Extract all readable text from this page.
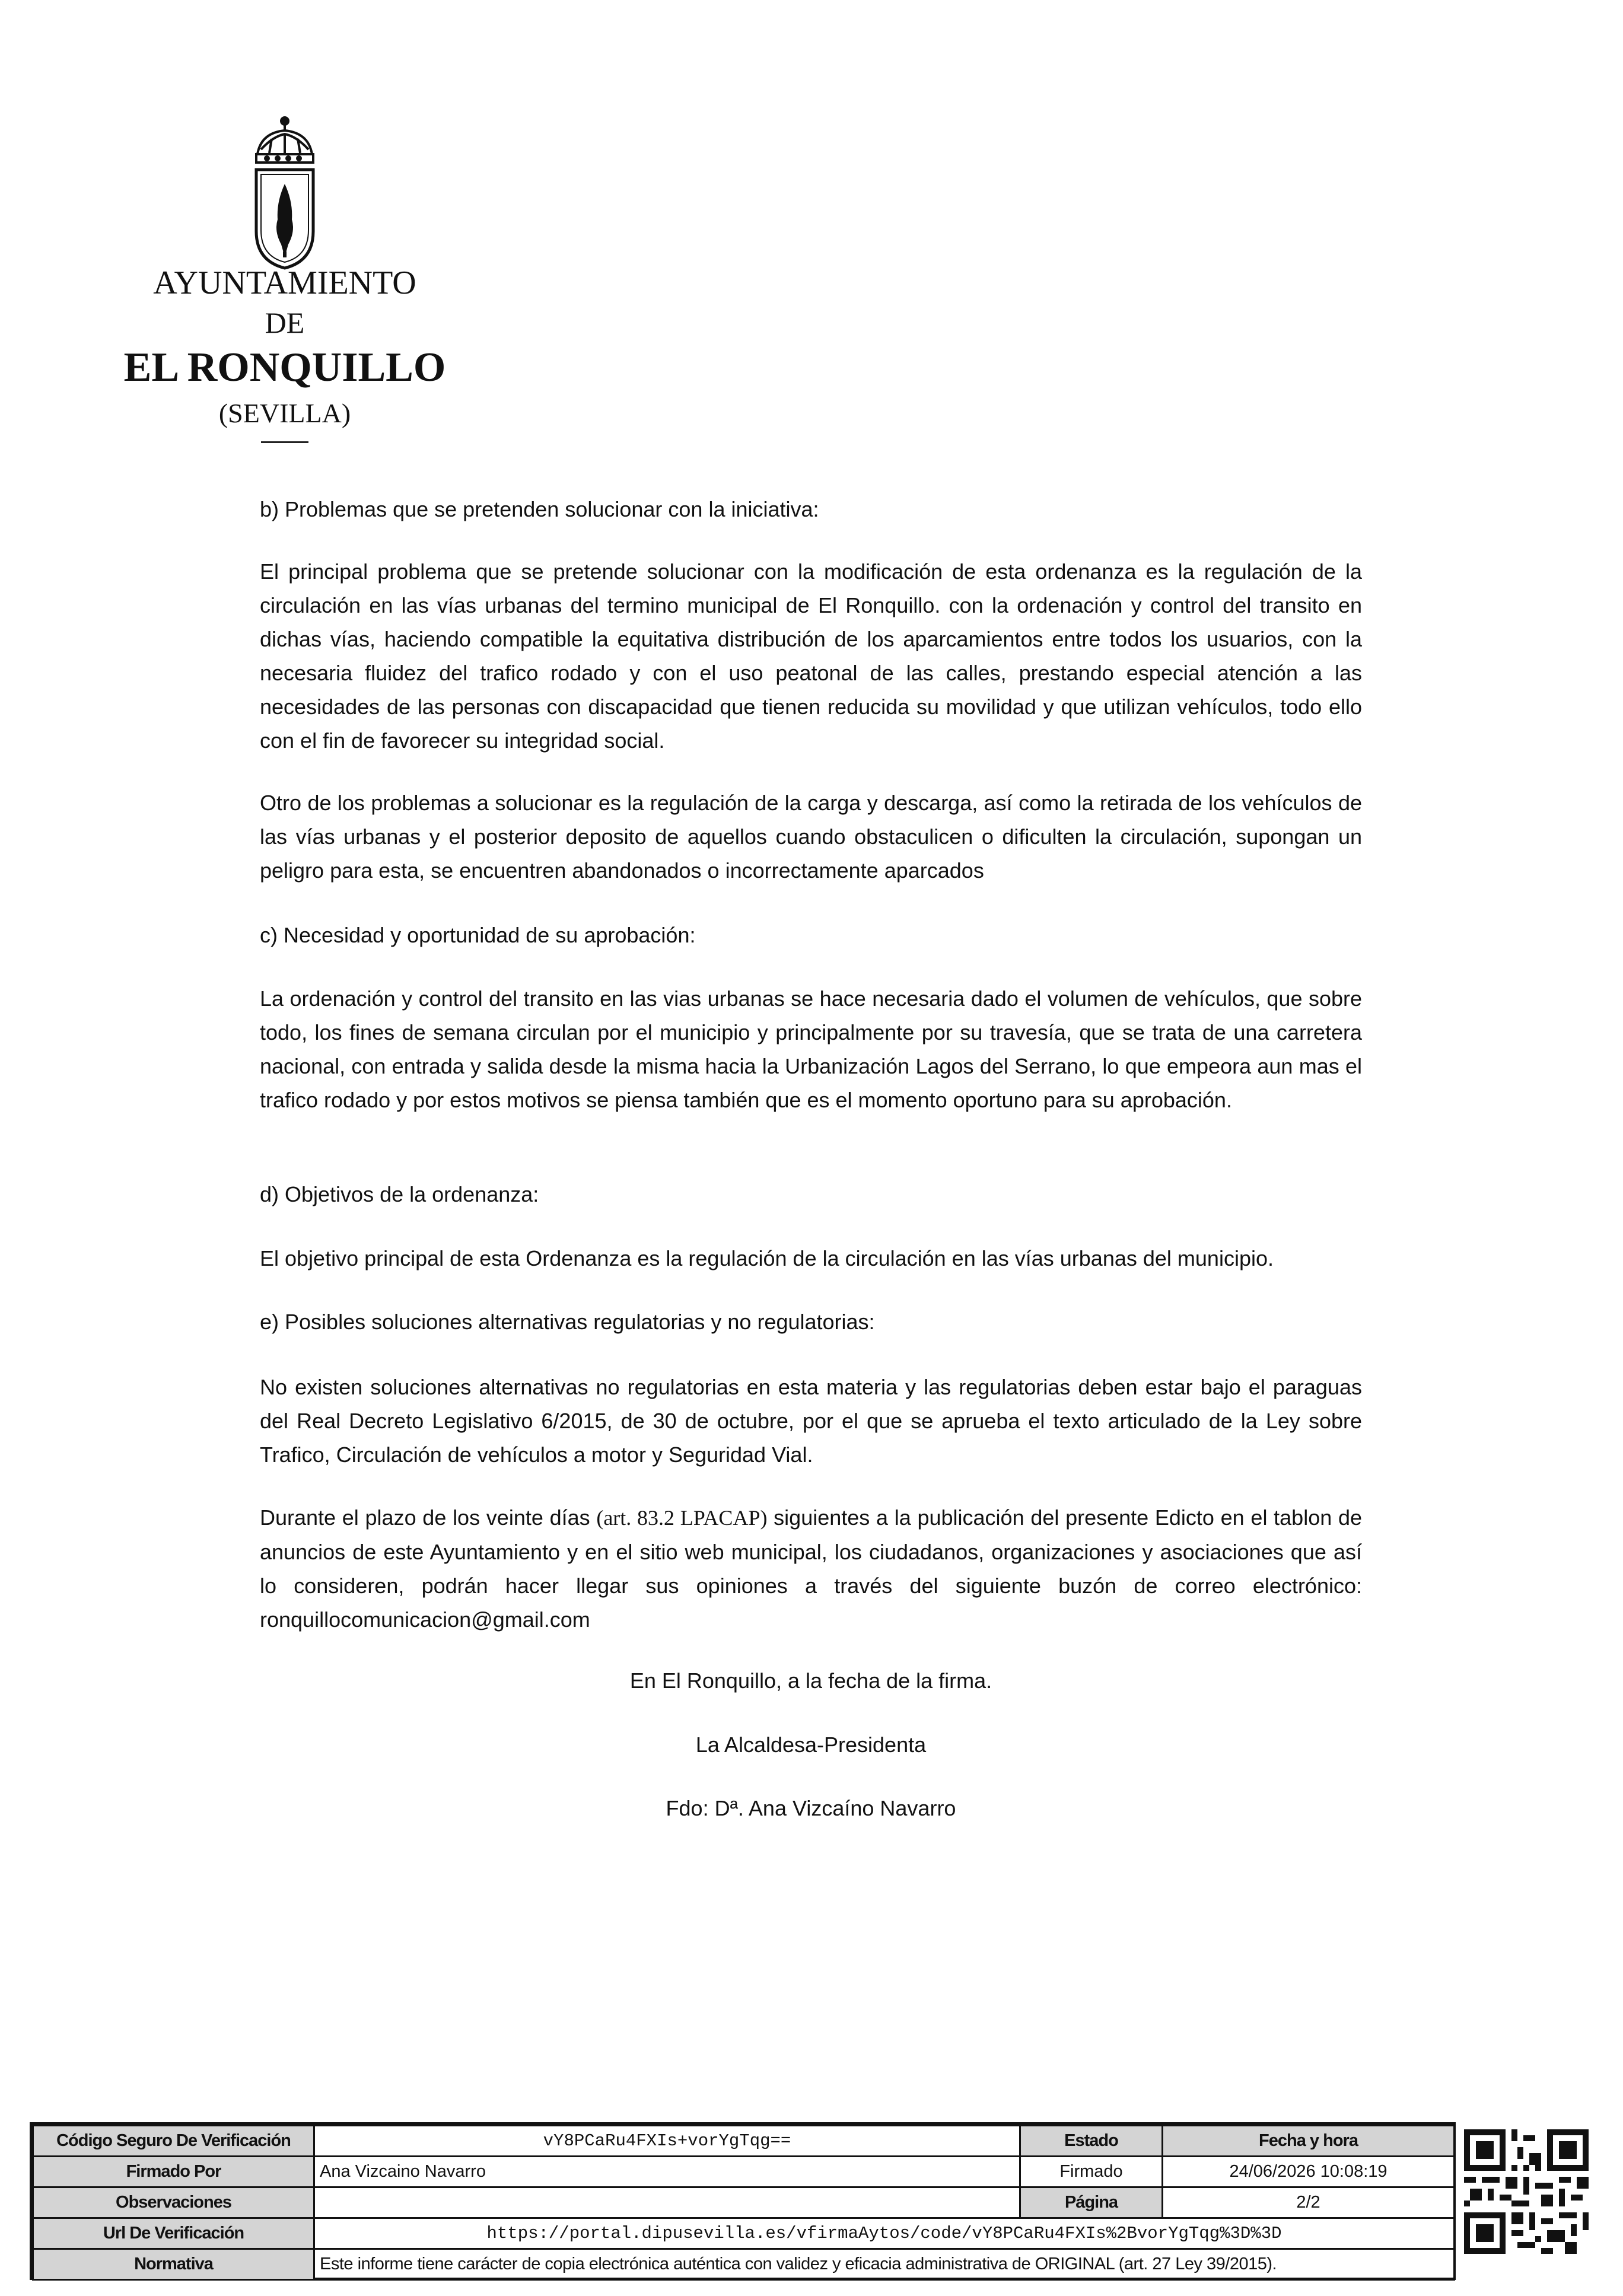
AYUNTAMIENTO
DE
EL RONQUILLO
(SEVILLA)
b) Problemas que se pretenden solucionar con la iniciativa:
El principal problema que se pretende solucionar con la modificación de esta ordenanza es la regulación de la circulación en las vías urbanas del termino municipal de El Ronquillo. con la ordenación y control del transito en dichas vías, haciendo compatible la equitativa distribución de los aparcamientos entre todos los usuarios, con la necesaria fluidez del trafico rodado y con el uso peatonal de las calles, prestando especial atención a las necesidades de las personas con discapacidad que tienen reducida su movilidad y que utilizan vehículos, todo ello con el fin de favorecer su integridad social.
Otro de los problemas a solucionar es la regulación de la carga y descarga, así como la retirada de los vehículos de las vías urbanas y el posterior deposito de aquellos cuando obstaculicen o dificulten la circulación, supongan un peligro para esta, se encuentren abandonados o incorrectamente aparcados
c) Necesidad y oportunidad de su aprobación:
La ordenación y control del transito en las vias urbanas se hace necesaria dado el volumen de vehículos, que sobre todo, los fines de semana circulan por el municipio y principalmente por su travesía, que se trata de una carretera nacional, con entrada y salida desde la misma hacia la Urbanización Lagos del Serrano, lo que empeora aun mas el trafico rodado y por estos motivos se piensa también que es el momento oportuno para su aprobación.
d) Objetivos de la ordenanza:
El objetivo principal de esta Ordenanza es la regulación de la circulación en las vías urbanas del municipio.
e) Posibles soluciones alternativas regulatorias y no regulatorias:
No existen soluciones alternativas no regulatorias en esta materia y las regulatorias deben estar bajo el paraguas del Real Decreto Legislativo 6/2015, de 30 de octubre, por el que se aprueba el texto articulado de la Ley sobre Trafico, Circulación de vehículos a motor y Seguridad Vial.
Durante el plazo de los veinte días (art. 83.2 LPACAP) siguientes a la publicación del presente Edicto en el tablon de anuncios de este Ayuntamiento y en el sitio web municipal, los ciudadanos, organizaciones y asociaciones que así lo consideren, podrán hacer llegar sus opiniones a través del siguiente buzón de correo electrónico: ronquillocomunicacion@gmail.com
En El Ronquillo, a la fecha de la firma.
La Alcaldesa-Presidenta
Fdo: Dª. Ana Vizcaíno Navarro
Código Seguro De Verificación	vY8PCaRu4FXIs+vorYgTqg==	Estado	Fecha y hora
Firmado Por	Ana Vizcaino Navarro	Firmado	24/06/2026 10:08:19
Observaciones		Página	2/2
Url De Verificación	https://portal.dipusevilla.es/vfirmaAytos/code/vY8PCaRu4FXIs%2BvorYgTqg%3D%3D		
Normativa	Este informe tiene carácter de copia electrónica auténtica con validez y eficacia administrativa de ORIGINAL (art. 27 Ley 39/2015).		
